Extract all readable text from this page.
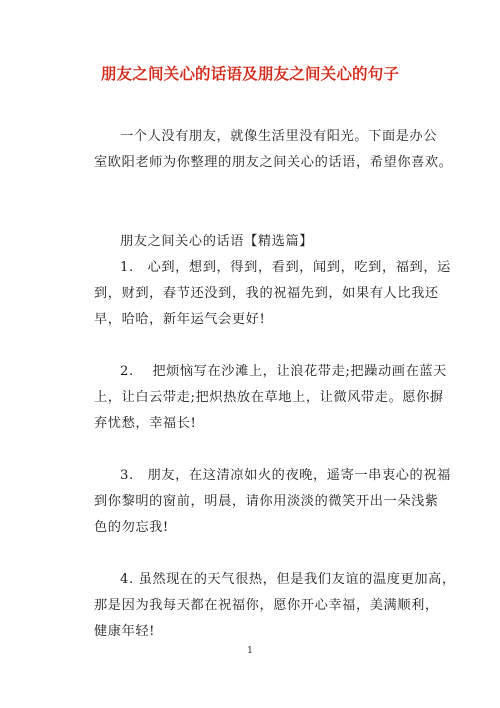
朋友之间关心的话语及朋友之间关心的句子

一个人没有朋友，就像生活里没有阳光。下面是办公
室欧阳老师为你整理的朋友之间关心的话语，希望你喜欢。

朋友之间关心的话语【精选篇】

1.　心到，想到，得到，看到，闻到，吃到，福到，运
到，财到，春节还没到，我的祝福先到，如果有人比我还
早，哈哈，新年运气会更好!

2.　 把烦恼写在沙滩上，让浪花带走;把躁动画在蓝天
上，让白云带走;把炽热放在草地上，让微风带走。愿你摒
弃忧愁，幸福长!

3.　朋友，在这清凉如火的夜晚，遥寄一串衷心的祝福
到你黎明的窗前，明晨，请你用淡淡的微笑开出一朵浅紫
色的勿忘我!

4. 虽然现在的天气很热，但是我们友谊的温度更加高，
那是因为我每天都在祝福你，愿你开心幸福，美满顺利，
健康年轻!

1
